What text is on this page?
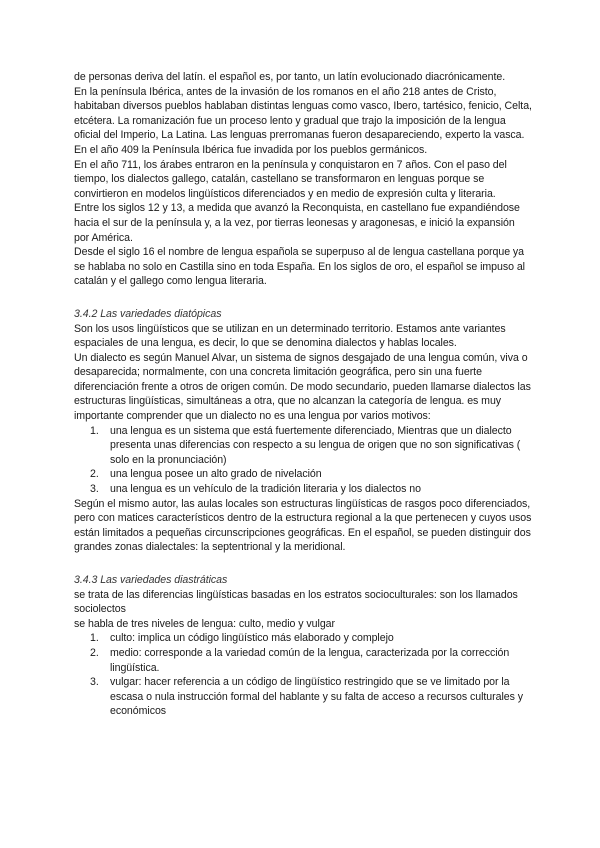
de personas deriva del latín. el español es, por tanto, un latín evolucionado diacrónicamente.

En la península Ibérica, antes de la invasión de los romanos en el año 218 antes de Cristo, habitaban diversos pueblos hablaban distintas lenguas como vasco, Ibero, tartésico, fenicio, Celta, etcétera. La romanización fue un proceso lento y gradual que trajo la imposición de la lengua oficial del Imperio, La Latina. Las lenguas prerromanas fueron desapareciendo, experto la vasca. En el año 409 la Península Ibérica fue invadida por los pueblos germánicos.

En el año 711, los árabes entraron en la península y conquistaron en 7 años. Con el paso del tiempo, los dialectos gallego, catalán, castellano se transformaron en lenguas porque se convirtieron en modelos lingüísticos diferenciados y en medio de expresión culta y literaria.

Entre los siglos 12 y 13, a medida que avanzó la Reconquista, en castellano fue expandiéndose hacia el sur de la península y, a la vez, por tierras leonesas y aragonesas, e inició la expansión por América.

Desde el siglo 16 el nombre de lengua española se superpuso al de lengua castellana porque ya se hablaba no solo en Castilla sino en toda España. En los siglos de oro, el español se impuso al catalán y el gallego como lengua literaria.

3.4.2 Las variedades diatópicas

Son los usos lingüísticos que se utilizan en un determinado territorio. Estamos ante variantes espaciales de una lengua, es decir, lo que se denomina dialectos y hablas locales.

Un dialecto es según Manuel Alvar, un sistema de signos desgajado de una lengua común, viva o desaparecida; normalmente, con una concreta limitación geográfica, pero sin una fuerte diferenciación frente a otros de origen común. De modo secundario, pueden llamarse dialectos las estructuras lingüísticas, simultáneas a otra, que no alcanzan la categoría de lengua. es muy importante comprender que un dialecto no es una lengua por varios motivos:

1. una lengua es un sistema que está fuertemente diferenciado, Mientras que un dialecto presenta unas diferencias con respecto a su lengua de origen que no son significativas ( solo en la pronunciación)
2. una lengua posee un alto grado de nivelación
3. una lengua es un vehículo de la tradición literaria y los dialectos no

Según el mismo autor, las aulas locales son estructuras lingüísticas de rasgos poco diferenciados, pero con matices característicos dentro de la estructura regional a la que pertenecen y cuyos usos están limitados a pequeñas circunscripciones geográficas. En el español, se pueden distinguir dos grandes zonas dialectales: la septentrional y la meridional.

3.4.3 Las variedades diastráticas

se trata de las diferencias lingüísticas basadas en los estratos socioculturales: son los llamados sociolectos

se habla de tres niveles de lengua: culto, medio y vulgar

1. culto: implica un código lingüístico más elaborado y complejo
2. medio: corresponde a la variedad común de la lengua, caracterizada por la corrección lingüística.
3. vulgar: hacer referencia a un código de lingüístico restringido que se ve limitado por la escasa o nula instrucción formal del hablante y su falta de acceso a recursos culturales y económicos
